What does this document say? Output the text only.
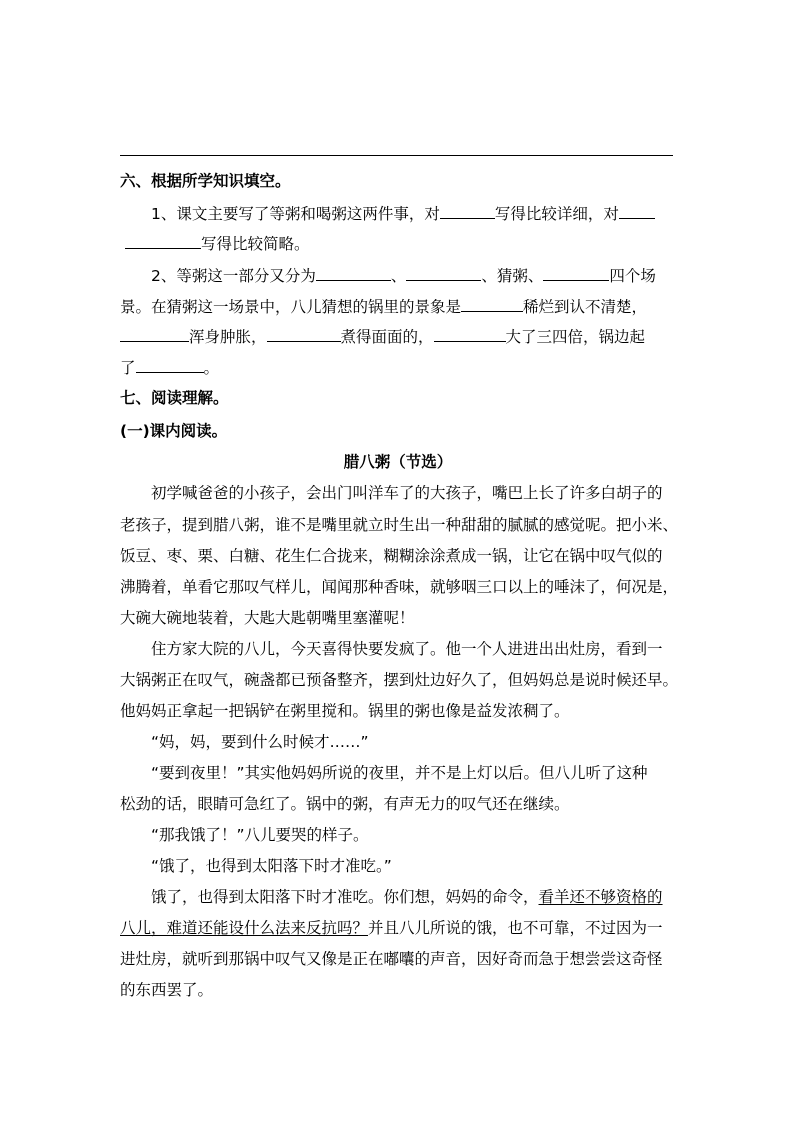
六、根据所学知识填空。
1、课文主要写了等粥和喝粥这两件事，对	写得比较详细，对
写得比较简略。
2、等粥这一部分又分为	、	、猜粥、	四个场
景。在猜粥这一场景中，八儿猜想的锅里的景象是	稀烂到认不清楚，
浑身肿胀，	煮得面面的，	大了三四倍，锅边起
了	。
七、阅读理解。
(一)课内阅读。
腊八粥（节选）
初学喊爸爸的小孩子，会出门叫洋车了的大孩子，嘴巴上长了许多白胡子的
老孩子，提到腊八粥，谁不是嘴里就立时生出一种甜甜的腻腻的感觉呢。把小米、
饭豆、枣、栗、白糖、花生仁合拢来，糊糊涂涂煮成一锅，让它在锅中叹气似的
沸腾着，单看它那叹气样儿，闻闻那种香味，就够咽三口以上的唾沫了，何况是，
大碗大碗地装着，大匙大匙朝嘴里塞灌呢！
住方家大院的八儿，今天喜得快要发疯了。他一个人进进出出灶房，看到一
大锅粥正在叹气，碗盏都已预备整齐，摆到灶边好久了，但妈妈总是说时候还早。
他妈妈正拿起一把锅铲在粥里搅和。锅里的粥也像是益发浓稠了。
“妈，妈，要到什么时候才……”
“要到夜里！”其实他妈妈所说的夜里，并不是上灯以后。但八儿听了这种
松劲的话，眼睛可急红了。锅中的粥，有声无力的叹气还在继续。
“那我饿了！”八儿要哭的样子。
“饿了，也得到太阳落下时才准吃。”
饿了，也得到太阳落下时才准吃。你们想，妈妈的命令，看羊还不够资格的
八儿，难道还能设什么法来反抗吗？并且八儿所说的饿，也不可靠，不过因为一
进灶房，就听到那锅中叹气又像是正在嘟囔的声音，因好奇而急于想尝尝这奇怪
的东西罢了。
